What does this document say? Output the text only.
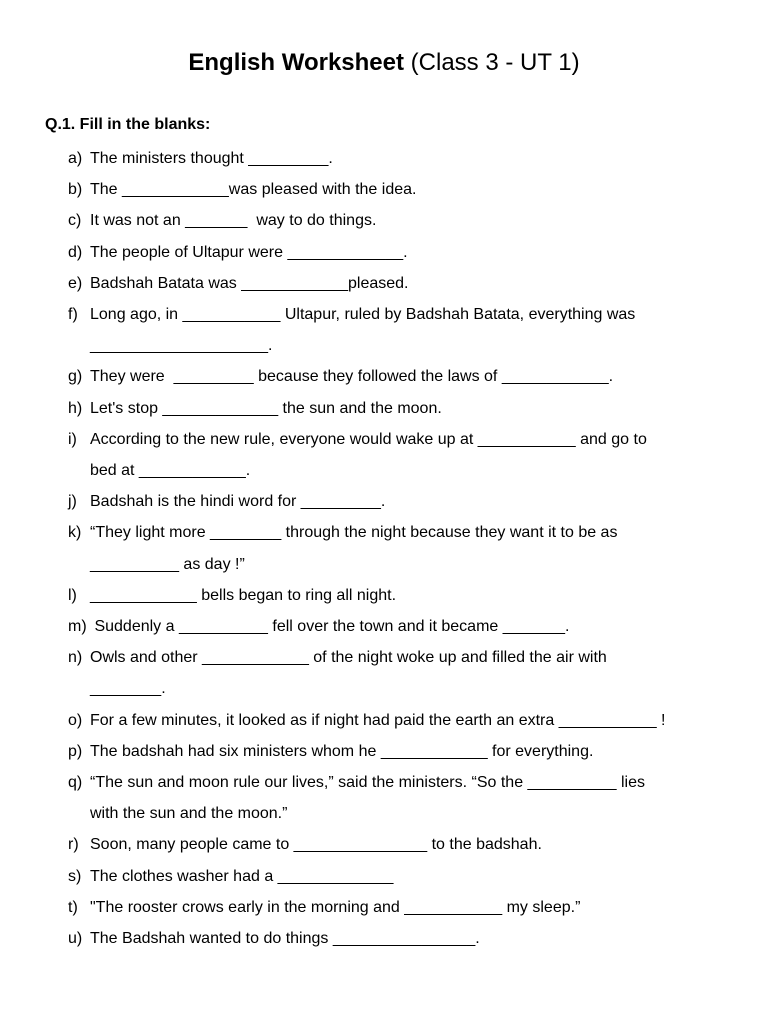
English Worksheet (Class 3 - UT 1)
Q.1. Fill in the blanks:
a) The ministers thought _________.
b) The ____________was pleased with the idea.
c) It was not an _______  way to do things.
d) The people of Ultapur were _____________.
e) Badshah Batata was ____________pleased.
f) Long ago, in ___________ Ultapur, ruled by Badshah Batata, everything was
____________________.
g) They were  _________ because they followed the laws of ____________.
h) Let's stop _____________ the sun and the moon.
i) According to the new rule, everyone would wake up at ___________ and go to
bed at ____________.
j) Badshah is the hindi word for _________.
k) “They light more ________ through the night because they want it to be as
__________ as day !”
l) ____________ bells began to ring all night.
m) Suddenly a __________ fell over the town and it became _______.
n) Owls and other ____________ of the night woke up and filled the air with
________.
o) For a few minutes, it looked as if night had paid the earth an extra ___________ !
p) The badshah had six ministers whom he ____________ for everything.
q) “The sun and moon rule our lives,” said the ministers. “So the __________ lies
with the sun and the moon.”
r) Soon, many people came to _______________ to the badshah.
s) The clothes washer had a _____________
t) "The rooster crows early in the morning and ___________ my sleep.”
u) The Badshah wanted to do things ________________.
